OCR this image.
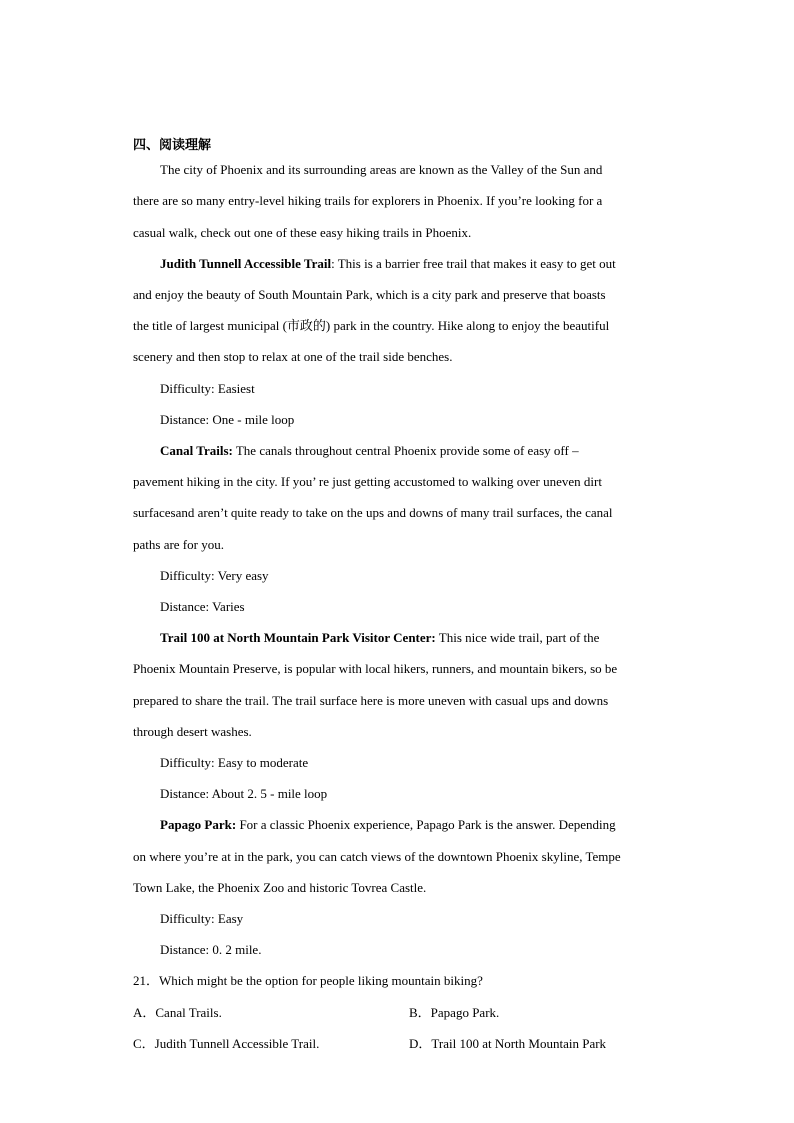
四、阅读理解
The city of Phoenix and its surrounding areas are known as the Valley of the Sun and
there are so many entry-level hiking trails for explorers in Phoenix. If you’re looking for a
casual walk, check out one of these easy hiking trails in Phoenix.
Judith Tunnell Accessible Trail: This is a barrier free trail that makes it easy to get out
and enjoy the beauty of South Mountain Park, which is a city park and preserve that boasts
the title of largest municipal (市政的) park in the country. Hike along to enjoy the beautiful
scenery and then stop to relax at one of the trail side benches.
Difficulty: Easiest
Distance: One - mile loop
Canal Trails: The canals throughout central Phoenix provide some of easy off –
pavement hiking in the city. If you’ re just getting accustomed to walking over uneven dirt
surfacesand aren’t quite ready to take on the ups and downs of many trail surfaces, the canal
paths are for you.
Difficulty: Very easy
Distance: Varies
Trail 100 at North Mountain Park Visitor Center: This nice wide trail, part of the
Phoenix Mountain Preserve, is popular with local hikers, runners, and mountain bikers, so be
prepared to share the trail. The trail surface here is more uneven with casual ups and downs
through desert washes.
Difficulty: Easy to moderate
Distance: About 2. 5 - mile loop
Papago Park: For a classic Phoenix experience, Papago Park is the answer. Depending
on where you’re at in the park, you can catch views of the downtown Phoenix skyline, Tempe
Town Lake, the Phoenix Zoo and historic Tovrea Castle.
Difficulty: Easy
Distance: 0. 2 mile.
21．Which might be the option for people liking mountain biking?
A．Canal Trails.	B．Papago Park.
C．Judith Tunnell Accessible Trail.	D．Trail 100 at North Mountain Park
